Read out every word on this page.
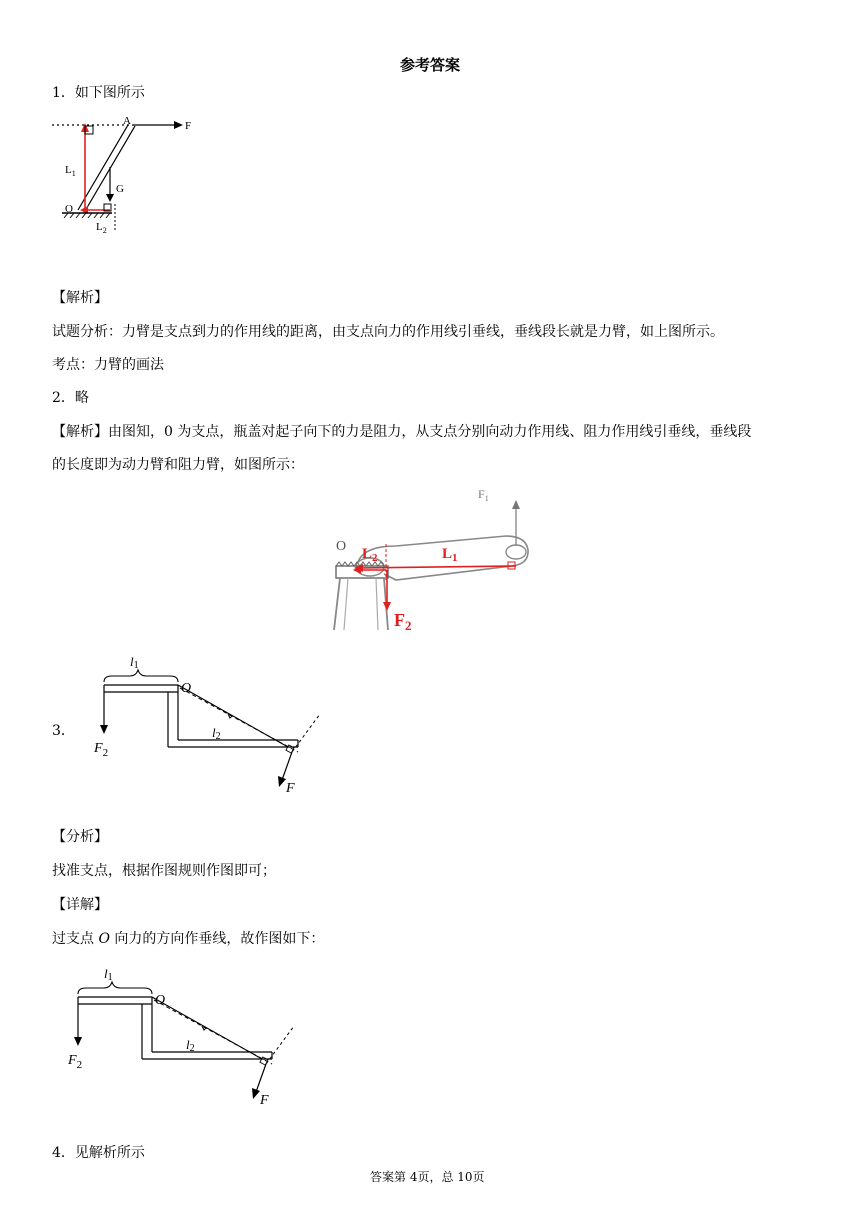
参考答案
1．如下图所示
A	F
$L_1$
G
O
$L_2$
【解析】
试题分析：力臂是支点到力的作用线的距离，由支点向力的作用线引垂线，垂线段长就是力臂，如上图所示。
考点：力臂的画法
2．略
【解析】由图知，0 为支点，瓶盖对起子向下的力是阻力，从支点分别向动力作用线、阻力作用线引垂线，垂线段
的长度即为动力臂和阻力臂，如图所示：
$F_1$
O $L_2$	$L_1$
$F_2$
3．
l1
O
l2
$F_2$
F
【分析】
找准支点，根据作图规则作图即可；
【详解】
过支点 O 向力的方向作垂线，故作图如下：
l1
O
l2
$F_2$
F
4．见解析所示
答案第 4页，总 10页
